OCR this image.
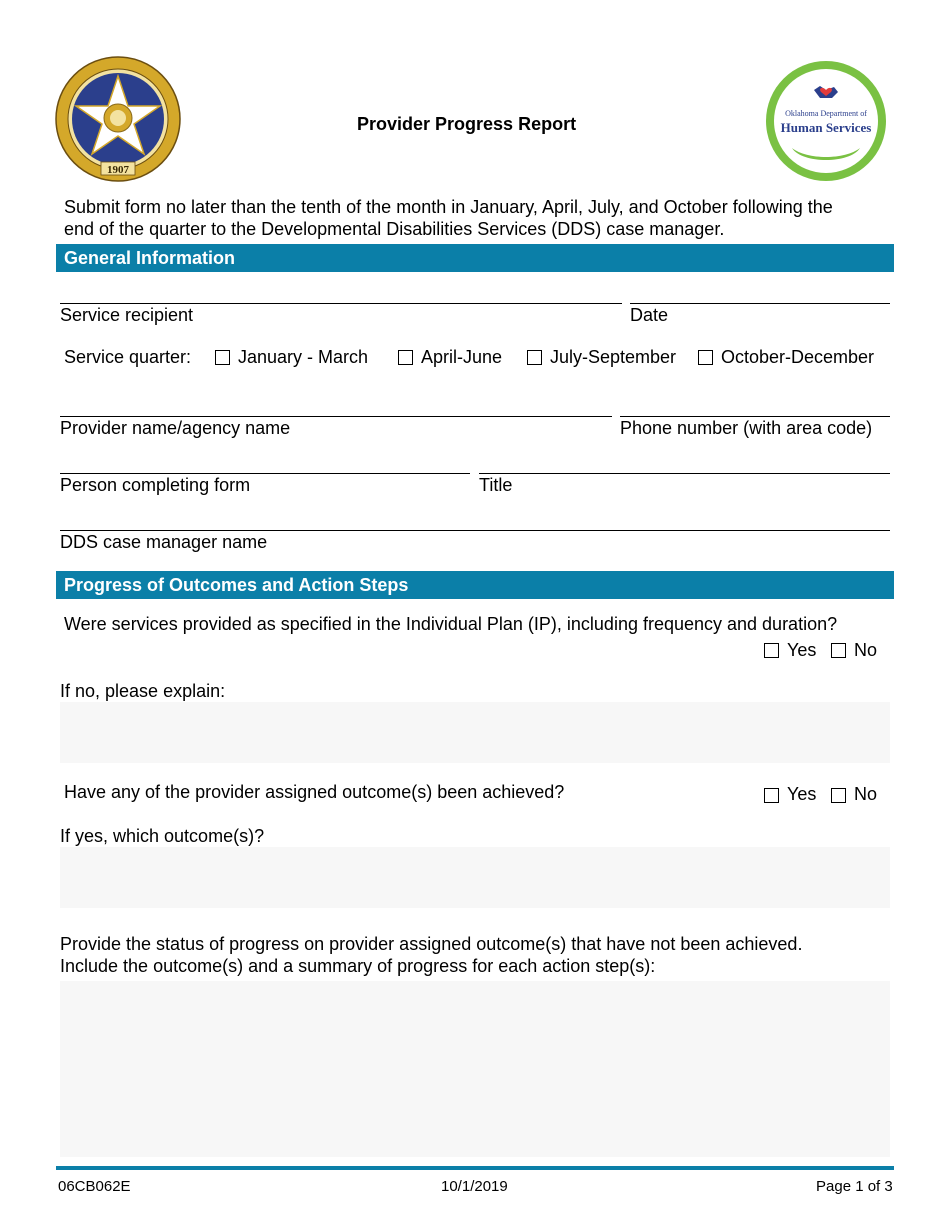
1907
Provider Progress Report
Oklahoma Department of
Human Services
Submit form no later than the tenth of the month in January, April, July, and October following the
end of the quarter to the Developmental Disabilities Services (DDS) case manager.
General Information
Service recipient	Date
Service quarter:	January - March	April-June	July-September October-December
Provider name/agency name	Phone number (with area code)
Person completing form	Title
DDS case manager name
Progress of Outcomes and Action Steps
Were services provided as specified in the Individual Plan (IP), including frequency and duration?
Yes No
If no, please explain:
Have any of the provider assigned outcome(s) been achieved?	Yes No
If yes, which outcome(s)?
Provide the status of progress on provider assigned outcome(s) that have not been achieved.
Include the outcome(s) and a summary of progress for each action step(s):
06CB062E	10/1/2019	Page 1 of 3
